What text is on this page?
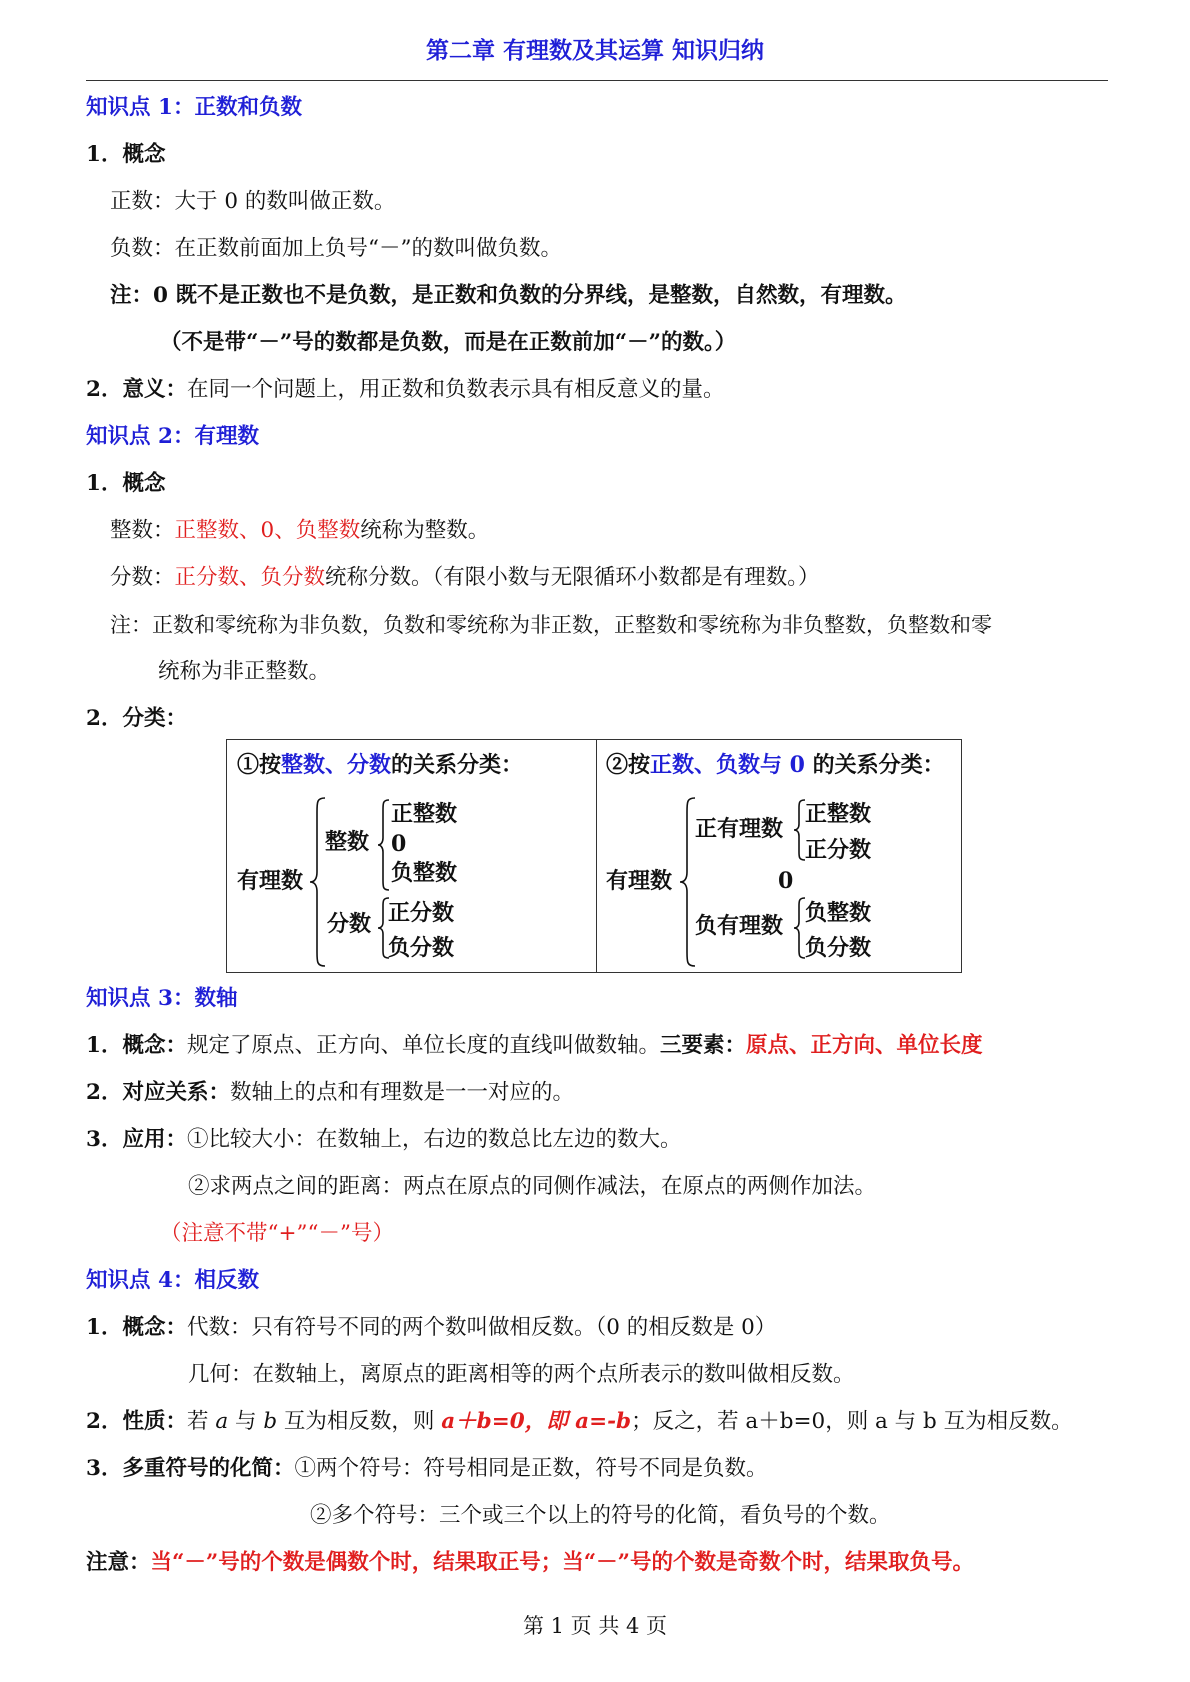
第二章 有理数及其运算 知识归纳
知识点 1：正数和负数
1．概念
正数：大于 0 的数叫做正数。
负数：在正数前面加上负号“－”的数叫做负数。
注：0 既不是正数也不是负数，是正数和负数的分界线，是整数，自然数，有理数。
（不是带“－”号的数都是负数，而是在正数前加“－”的数。）
2．意义：在同一个问题上，用正数和负数表示具有相反意义的量。
知识点 2：有理数
1．概念
整数：正整数、0、负整数统称为整数。
分数：正分数、负分数统称分数。（有限小数与无限循环小数都是有理数。）
注：正数和零统称为非负数，负数和零统称为非正数，正整数和零统称为非负整数，负整数和零
统称为非正整数。
2．分类：
①按整数、分数的关系分类：
有理数
整数
正整数
0
负整数
分数 正分数
负分数
②按正数、负数与 0 的关系分类：
有理数
正有理数
正整数
正分数
0
负有理数 负整数
负分数
知识点 3：数轴
1．概念：规定了原点、正方向、单位长度的直线叫做数轴。三要素：原点、正方向、单位长度
2．对应关系：数轴上的点和有理数是一一对应的。
3．应用：①比较大小：在数轴上，右边的数总比左边的数大。
②求两点之间的距离：两点在原点的同侧作减法，在原点的两侧作加法。
（注意不带“+”“－”号）
知识点 4：相反数
1．概念：代数：只有符号不同的两个数叫做相反数。（0 的相反数是 0）
几何：在数轴上，离原点的距离相等的两个点所表示的数叫做相反数。
2．性质：若 a 与 b 互为相反数，则 a＋b=0，即 a=-b；反之，若 a＋b=0，则 a 与 b 互为相反数。
3．多重符号的化简：①两个符号：符号相同是正数，符号不同是负数。
②多个符号：三个或三个以上的符号的化简，看负号的个数。
注意：当“－”号的个数是偶数个时，结果取正号；当“－”号的个数是奇数个时，结果取负号。
第 1 页 共 4 页
